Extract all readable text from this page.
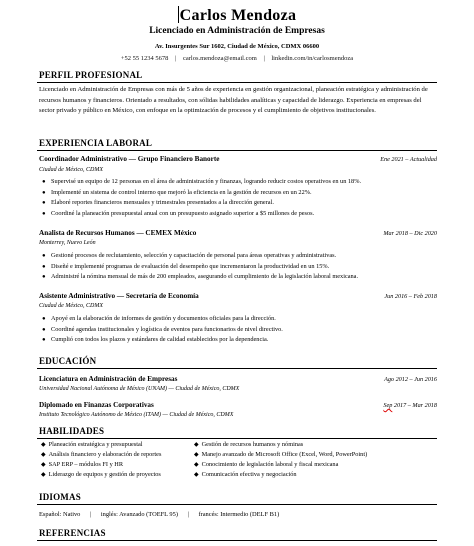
Carlos Mendoza
Licenciado en Administración de Empresas
Av. Insurgentes Sur 1602, Ciudad de México, CDMX 06600
+52 55 1234 5678 | carlos.mendoza@email.com | linkedin.com/in/carlosmendoza
PERFIL PROFESIONAL
Licenciado en Administración de Empresas con más de 5 años de experiencia en gestión organizacional, planeación estratégica y administración de recursos humanos y financieros. Orientado a resultados, con sólidas habilidades analíticas y capacidad de liderazgo. Experiencia en empresas del sector privado y público en México, con enfoque en la optimización de procesos y el cumplimiento de objetivos institucionales.
EXPERIENCIA LABORAL
Coordinador Administrativo — Grupo Financiero Banorte	Ene 2021 – Actualidad
Ciudad de México, CDMX
● Supervisé un equipo de 12 personas en el área de administración y finanzas, logrando reducir costos operativos en un 18%.
● Implementé un sistema de control interno que mejoró la eficiencia en la gestión de recursos en un 22%.
● Elaboré reportes financieros mensuales y trimestrales presentados a la dirección general.
● Coordiné la planeación presupuestal anual con un presupuesto asignado superior a $5 millones de pesos.
Analista de Recursos Humanos — CEMEX México	Mar 2018 – Dic 2020
Monterrey, Nuevo León
● Gestioné procesos de reclutamiento, selección y capacitación de personal para áreas operativas y administrativas.
● Diseñé e implementé programas de evaluación del desempeño que incrementaron la productividad en un 15%.
● Administré la nómina mensual de más de 200 empleados, asegurando el cumplimiento de la legislación laboral mexicana.
Asistente Administrativo — Secretaría de Economía	Jun 2016 – Feb 2018
Ciudad de México, CDMX
● Apoyé en la elaboración de informes de gestión y documentos oficiales para la dirección.
● Coordiné agendas institucionales y logística de eventos para funcionarios de nivel directivo.
● Cumplió con todos los plazos y estándares de calidad establecidos por la dependencia.
EDUCACIÓN
Licenciatura en Administración de Empresas	Ago 2012 – Jun 2016
Universidad Nacional Autónoma de México (UNAM) — Ciudad de México, CDMX
Diplomado en Finanzas Corporativas	Sep 2017 – Mar 2018
Instituto Tecnológico Autónomo de México (ITAM) — Ciudad de México, CDMX
HABILIDADES
◆ Planeación estratégica y presupuestal	◆ Gestión de recursos humanos y nóminas
◆ Análisis financiero y elaboración de reportes	◆ Manejo avanzado de Microsoft Office (Excel, Word, PowerPoint)
◆ SAP ERP – módulos FI y HR	◆ Conocimiento de legislación laboral y fiscal mexicana
◆ Liderazgo de equipos y gestión de proyectos	◆ Comunicación efectiva y negociación
IDIOMAS
Español: Nativo | inglés: Avanzado (TOEFL 95) | francés: Intermedio (DELF B1)
REFERENCIAS
